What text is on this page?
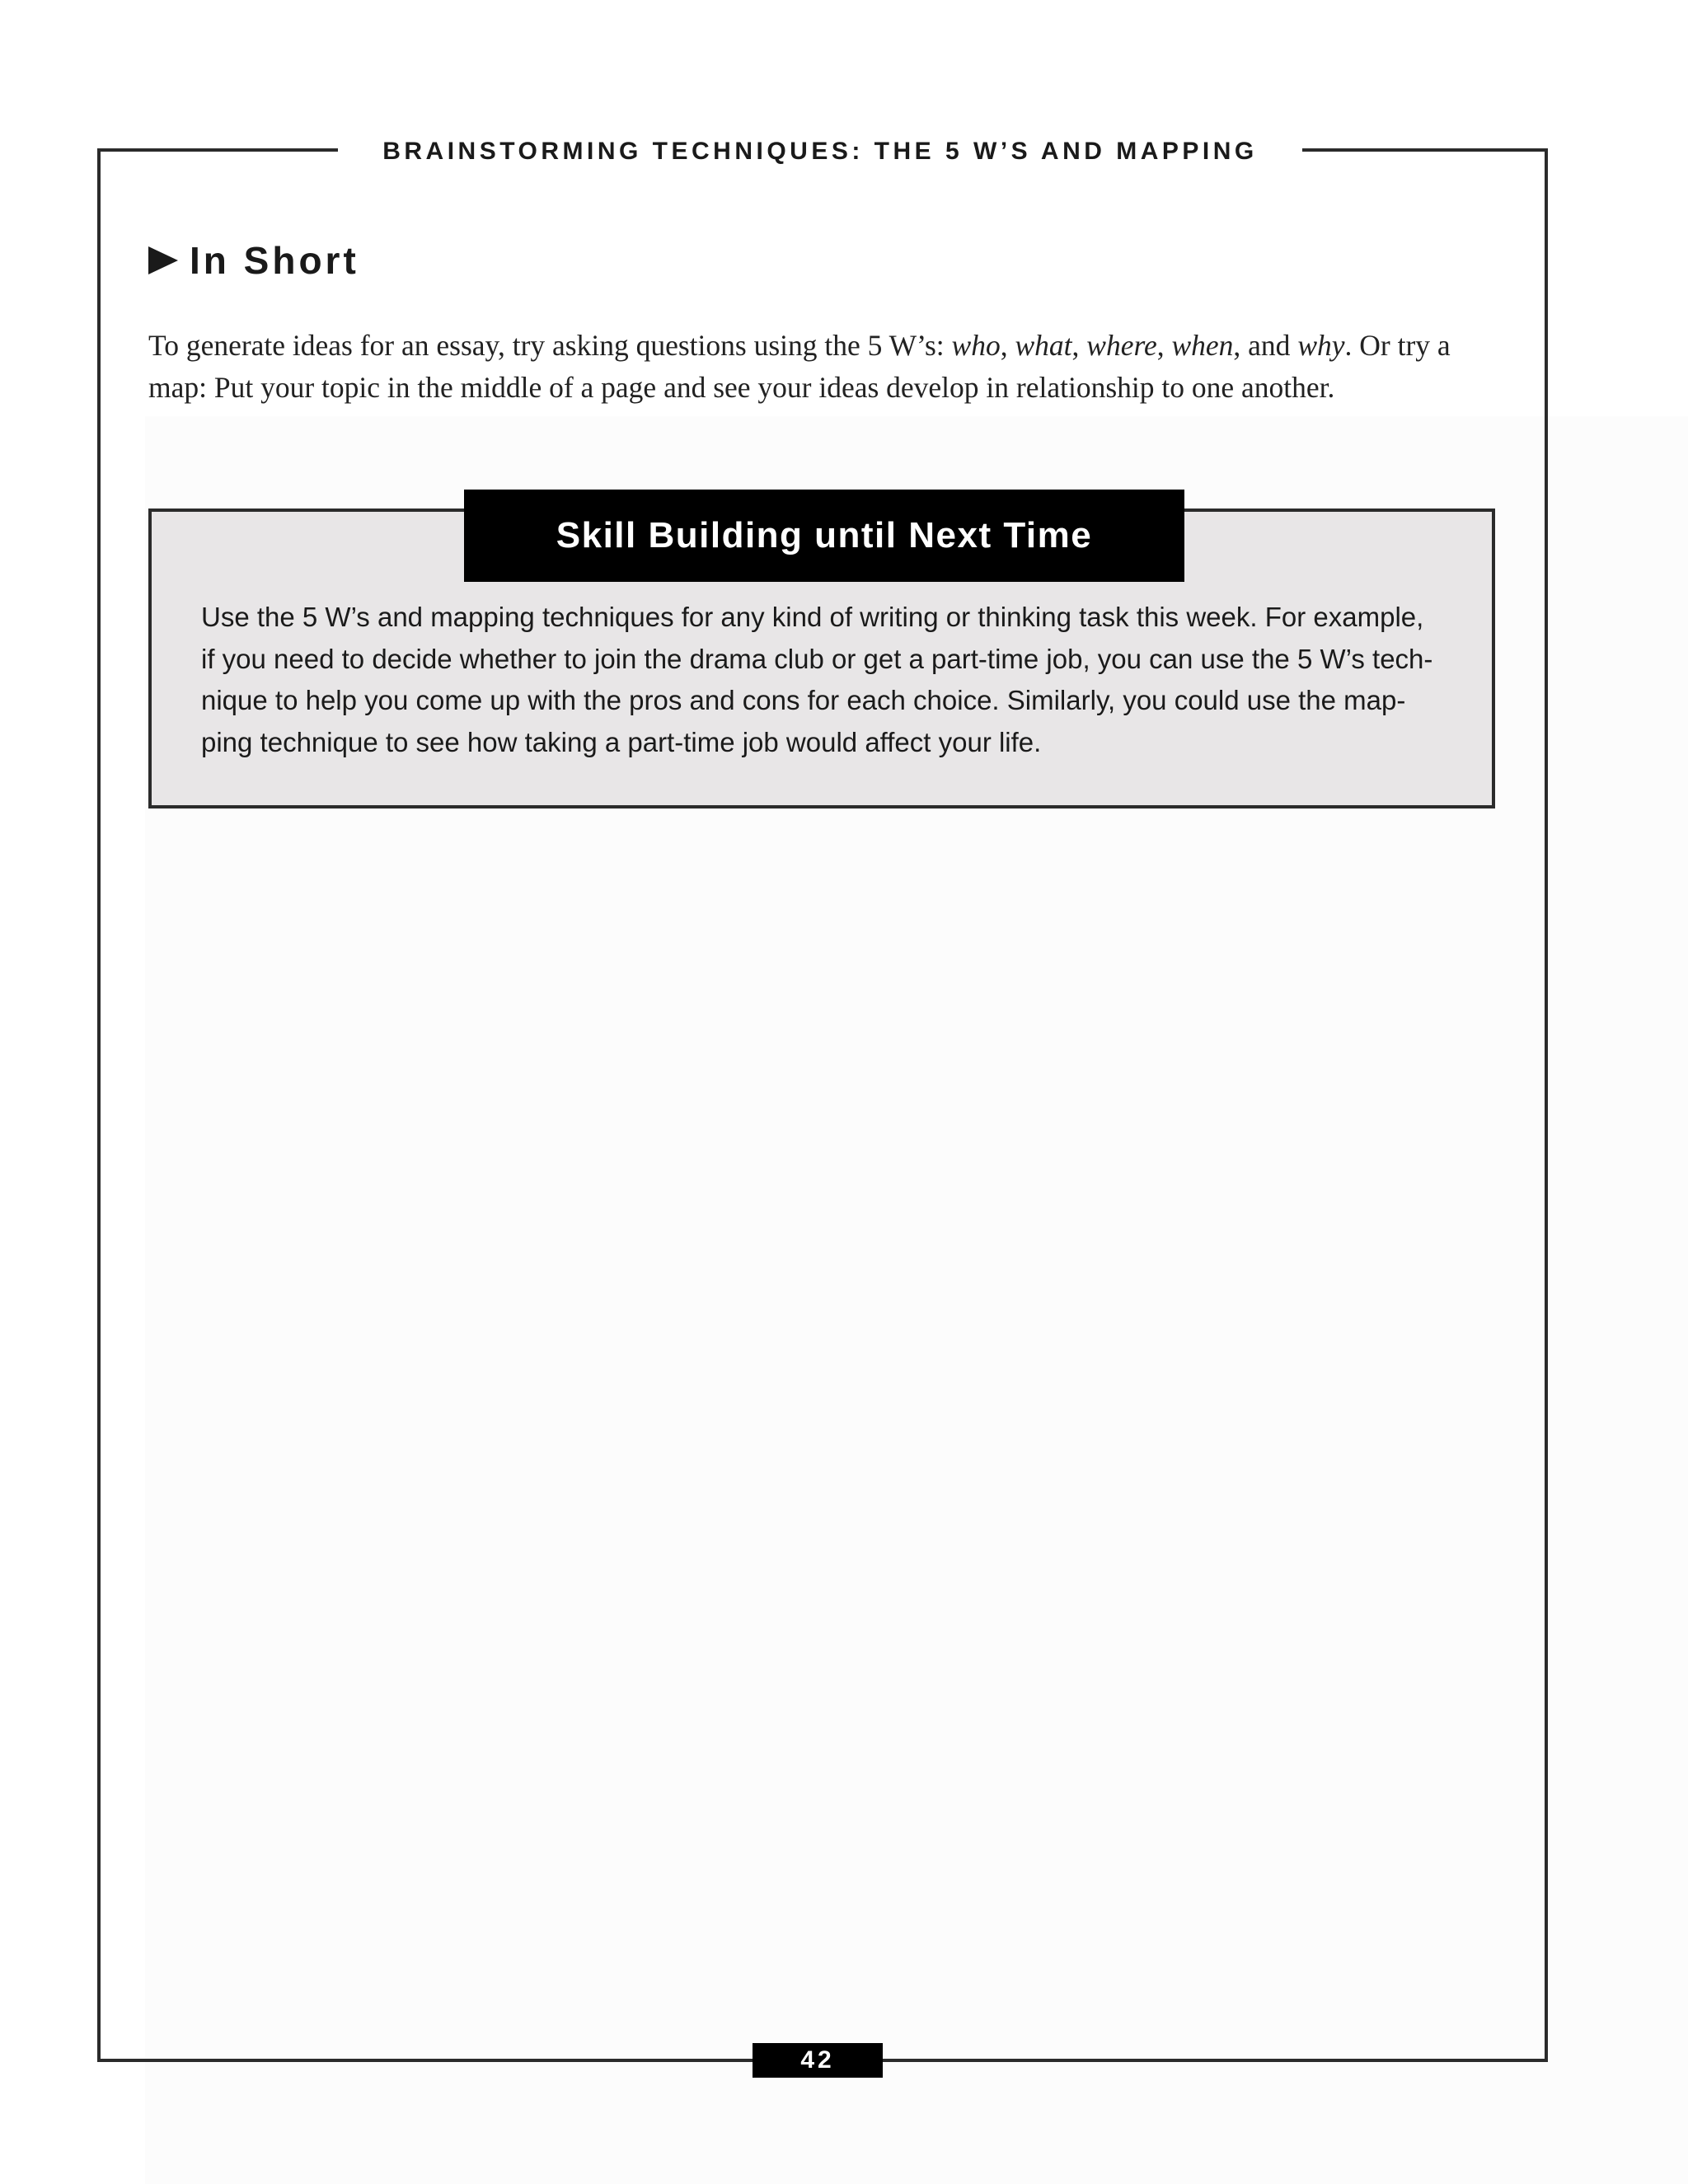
BRAINSTORMING TECHNIQUES: THE 5 W’S AND MAPPING
In Short

To generate ideas for an essay, try asking questions using the 5 W’s: who, what, where, when, and why. Or try a map: Put your topic in the middle of a page and see your ideas develop in relationship to one another.

Skill Building until Next Time

Use the 5 W’s and mapping techniques for any kind of writing or thinking task this week. For example,
if you need to decide whether to join the drama club or get a part-time job, you can use the 5 W’s tech-
nique to help you come up with the pros and cons for each choice. Similarly, you could use the map-
ping technique to see how taking a part-time job would affect your life.

42
